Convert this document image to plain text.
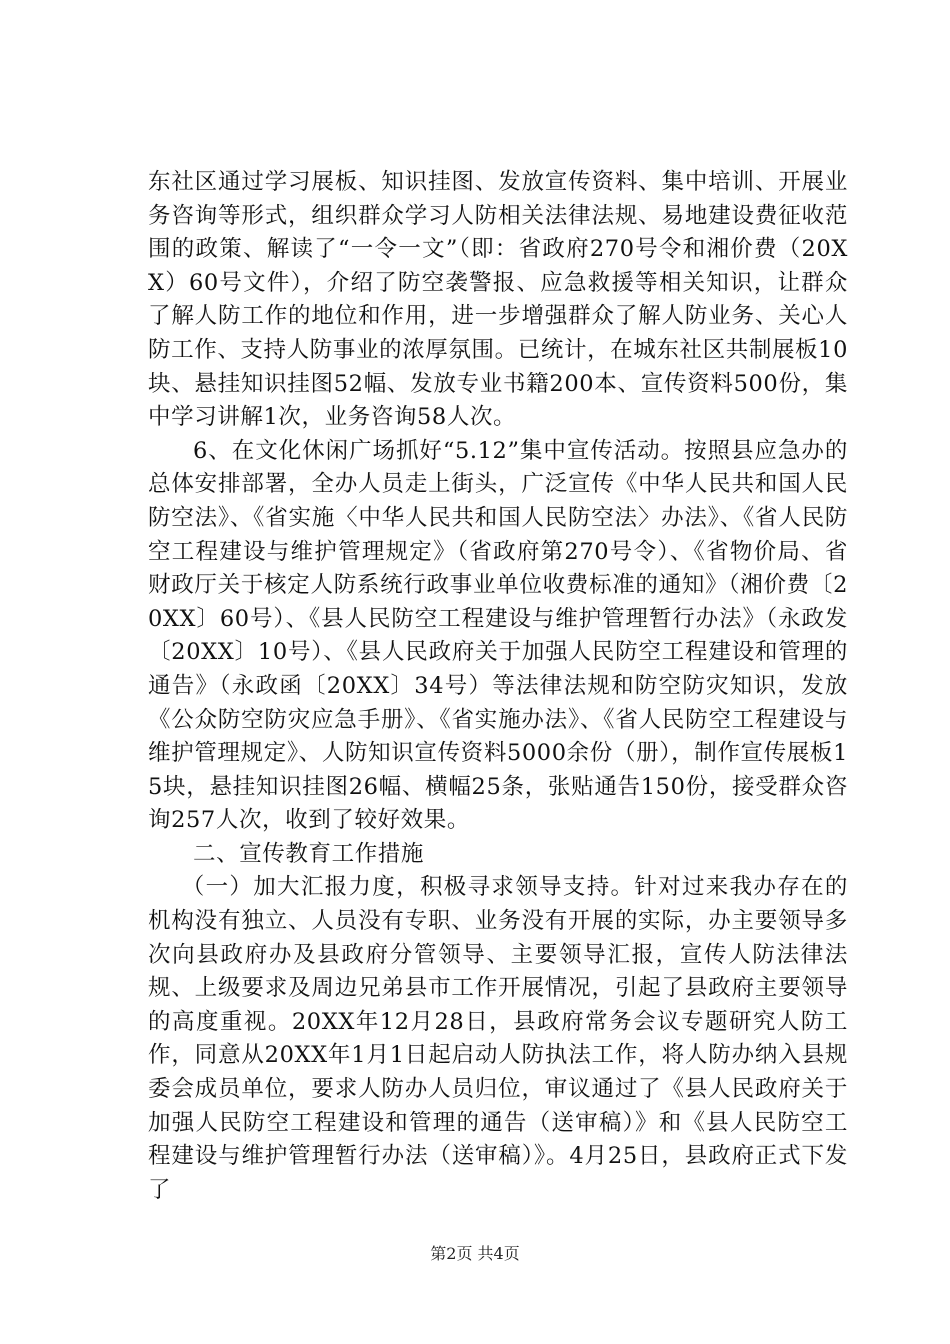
东社区通过学习展板、知识挂图、发放宣传资料、集中培训、开展业务咨询等形式，组织群众学习人防相关法律法规、易地建设费征收范围的政策、解读了“一令一文”（即：省政府270号令和湘价费（20XX）60号文件），介绍了防空袭警报、应急救援等相关知识，让群众了解人防工作的地位和作用，进一步增强群众了解人防业务、关心人防工作、支持人防事业的浓厚氛围。已统计，在城东社区共制展板10块、悬挂知识挂图52幅、发放专业书籍200本、宣传资料500份，集中学习讲解1次，业务咨询58人次。

6、在文化休闲广场抓好“5.12”集中宣传活动。按照县应急办的总体安排部署，全办人员走上街头，广泛宣传《中华人民共和国人民防空法》、《省实施〈中华人民共和国人民防空法〉办法》、《省人民防空工程建设与维护管理规定》（省政府第270号令）、《省物价局、省财政厅关于核定人防系统行政事业单位收费标准的通知》（湘价费〔20XX〕60号）、《县人民防空工程建设与维护管理暂行办法》（永政发〔20XX〕10号）、《县人民政府关于加强人民防空工程建设和管理的通告》（永政函〔20XX〕34号）等法律法规和防空防灾知识，发放《公众防空防灾应急手册》、《省实施办法》、《省人民防空工程建设与维护管理规定》、人防知识宣传资料5000余份（册），制作宣传展板15块，悬挂知识挂图26幅、横幅25条，张贴通告150份，接受群众咨询257人次，收到了较好效果。

二、宣传教育工作措施

（一）加大汇报力度，积极寻求领导支持。针对过来我办存在的机构没有独立、人员没有专职、业务没有开展的实际，办主要领导多次向县政府办及县政府分管领导、主要领导汇报，宣传人防法律法规、上级要求及周边兄弟县市工作开展情况，引起了县政府主要领导的高度重视。20XX年12月28日，县政府常务会议专题研究人防工作，同意从20XX年1月1日起启动人防执法工作，将人防办纳入县规委会成员单位，要求人防办人员归位，审议通过了《县人民政府关于加强人民防空工程建设和管理的通告（送审稿）》和《县人民防空工程建设与维护管理暂行办法（送审稿）》。4月25日，县政府正式下发了

第2页 共4页
